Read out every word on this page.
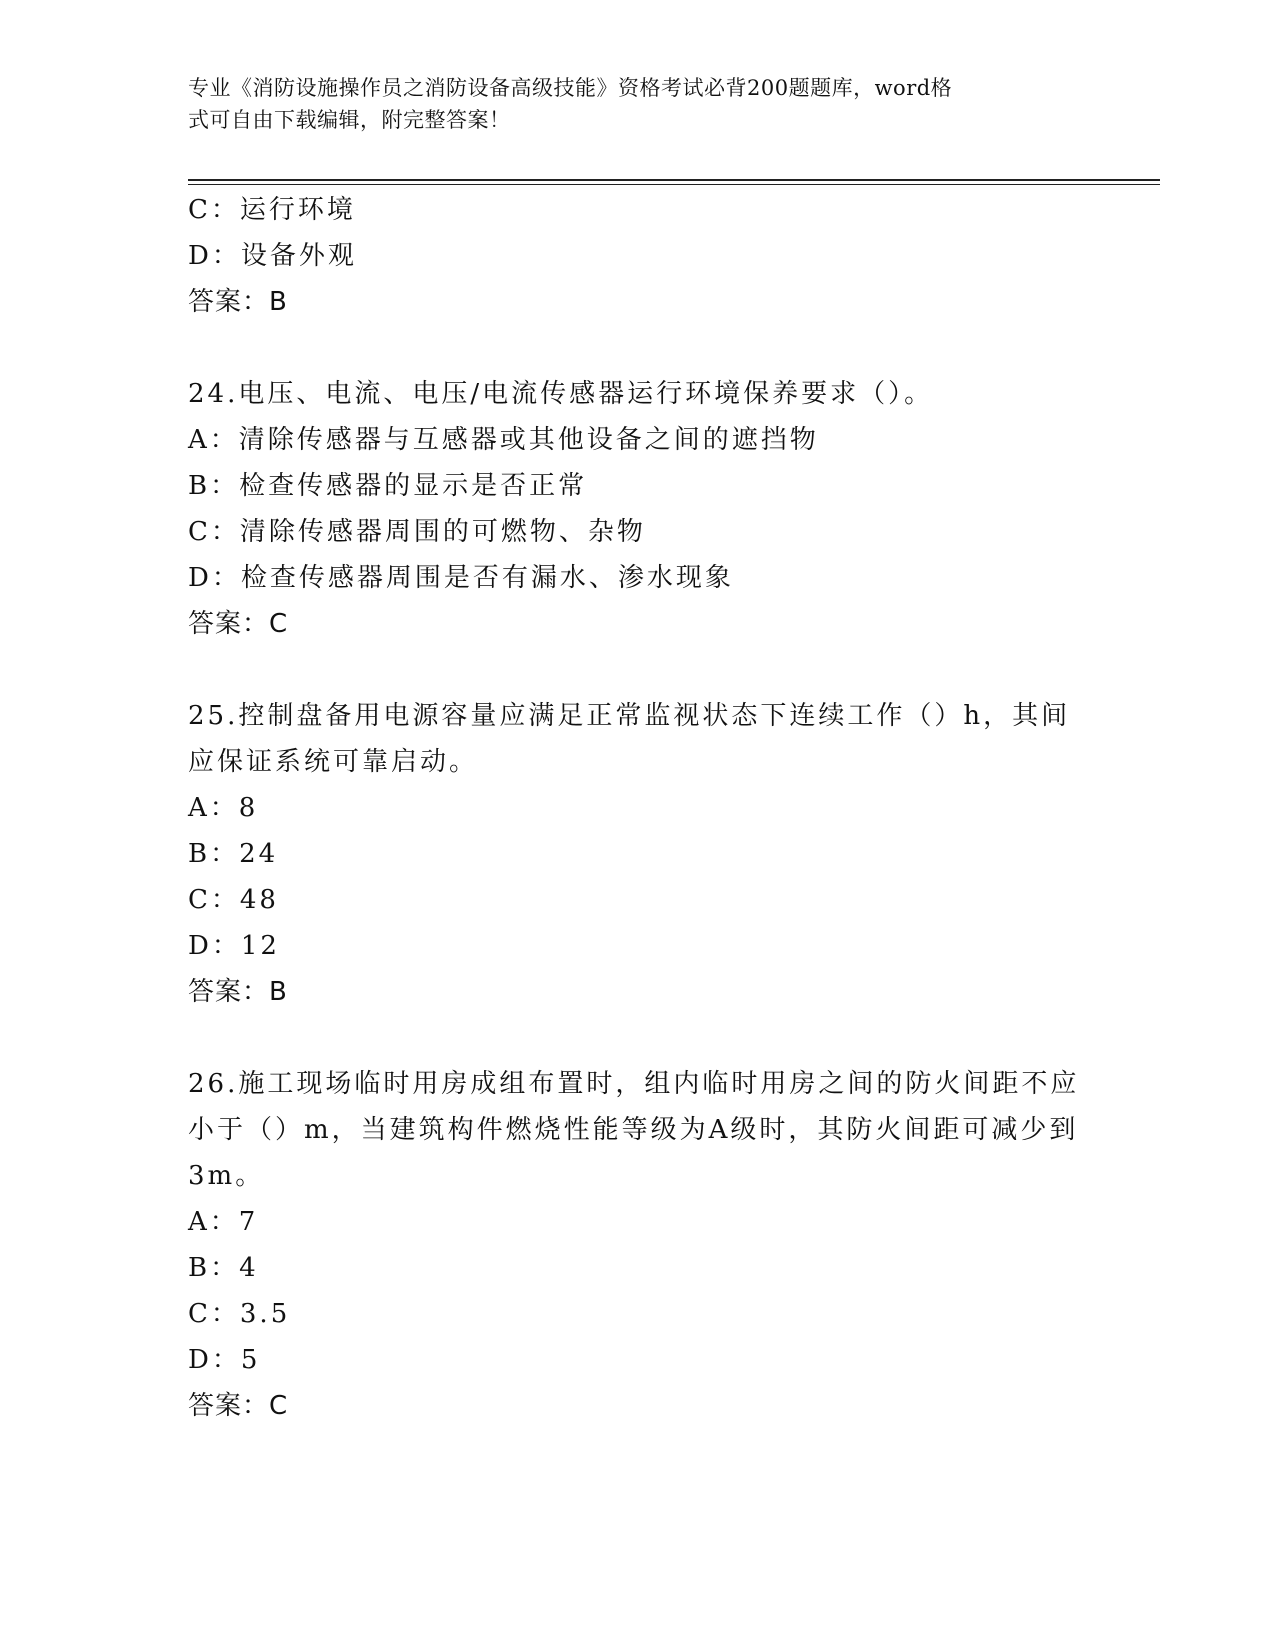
专业《消防设施操作员之消防设备高级技能》资格考试必背200题题库，word格
式可自由下载编辑，附完整答案！
C：运行环境
D：设备外观
答案：B
24.电压、电流、电压/电流传感器运行环境保养要求（）。
A：清除传感器与互感器或其他设备之间的遮挡物
B：检查传感器的显示是否正常
C：清除传感器周围的可燃物、杂物
D：检查传感器周围是否有漏水、渗水现象
答案：C
25.控制盘备用电源容量应满足正常监视状态下连续工作（）h，其间
应保证系统可靠启动。
A：8
B：24
C：48
D：12
答案：B
26.施工现场临时用房成组布置时，组内临时用房之间的防火间距不应
小于（）m，当建筑构件燃烧性能等级为A级时，其防火间距可减少到
3m。
A：7
B：4
C：3.5
D：5
答案：C
